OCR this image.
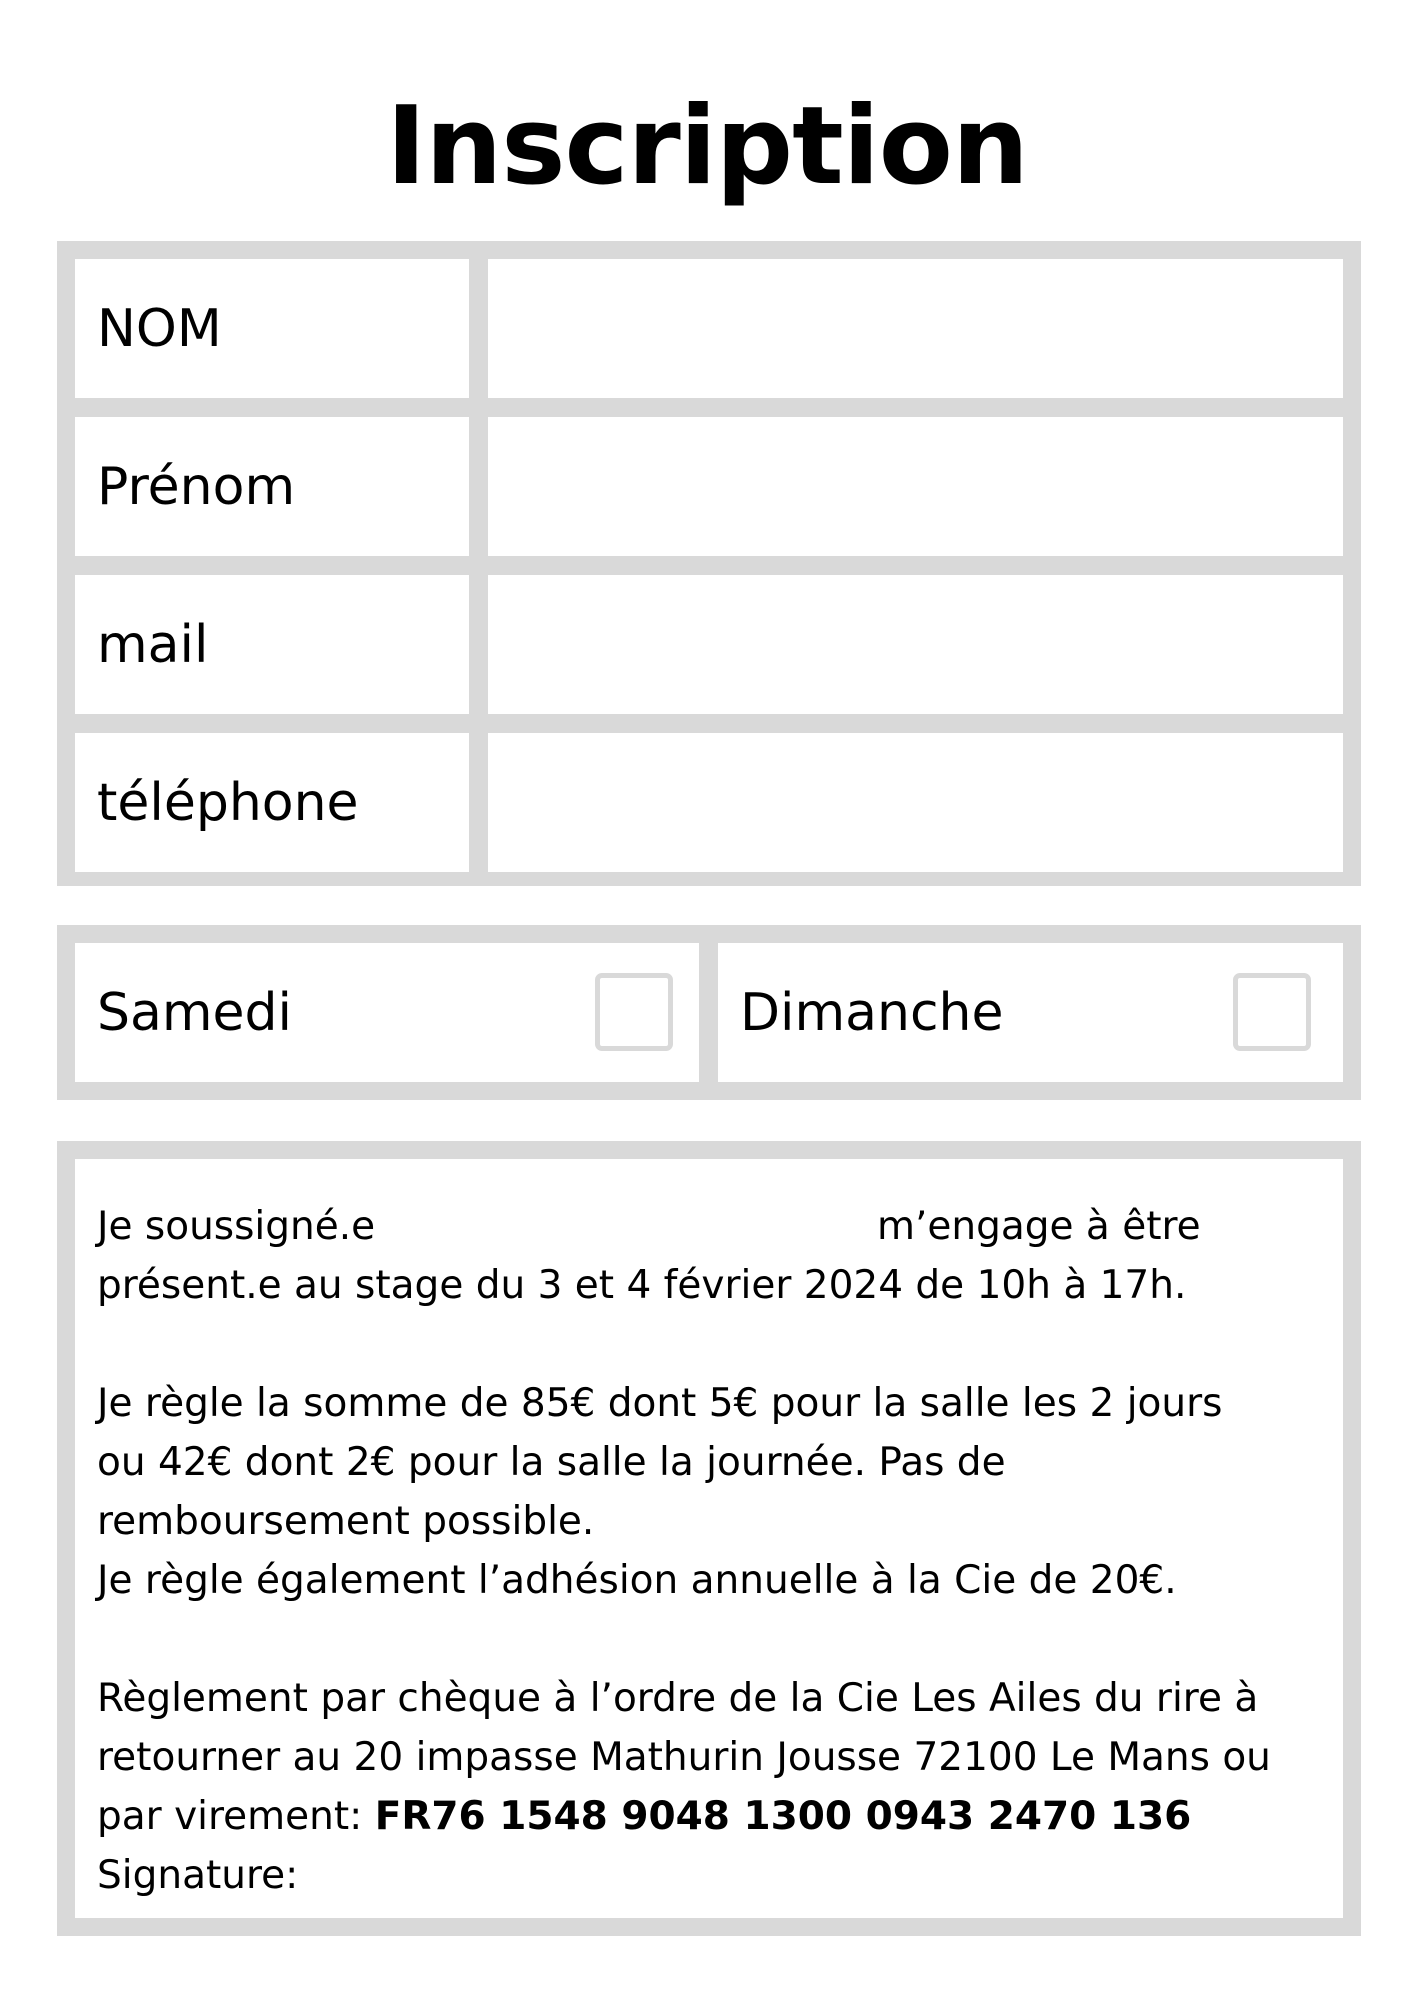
Inscription
NOM
Prénom
mail
téléphone
Samedi	Dimanche
Je soussigné.e	m’engage à être
présent.e au stage du 3 et 4 février 2024 de 10h à 17h.
Je règle la somme de 85€ dont 5€ pour la salle les 2 jours
ou 42€ dont 2€ pour la salle la journée. Pas de
remboursement possible.
Je règle également l’adhésion annuelle à la Cie de 20€.
Règlement par chèque à l’ordre de la Cie Les Ailes du rire à
retourner au 20 impasse Mathurin Jousse 72100 Le Mans ou
par virement: FR76 1548 9048 1300 0943 2470 136
Signature:
